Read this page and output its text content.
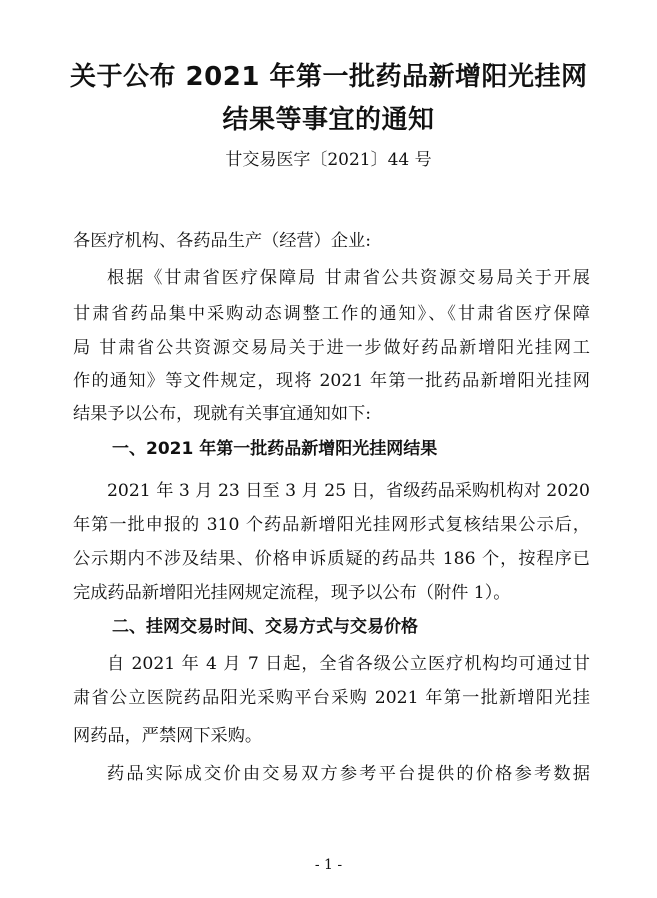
关于公布 2021 年第一批药品新增阳光挂网
结果等事宜的通知
甘交易医字〔2021〕44 号
各医疗机构、各药品生产（经营）企业:
根据《甘肃省医疗保障局 甘肃省公共资源交易局关于开展
甘肃省药品集中采购动态调整工作的通知》、《甘肃省医疗保障
局 甘肃省公共资源交易局关于进一步做好药品新增阳光挂网工
作的通知》等文件规定，现将 2021 年第一批药品新增阳光挂网
结果予以公布，现就有关事宜通知如下:
一、2021 年第一批药品新增阳光挂网结果
2021 年 3 月 23 日至 3 月 25 日，省级药品采购机构对 2020
年第一批申报的 310 个药品新增阳光挂网形式复核结果公示后，
公示期内不涉及结果、价格申诉质疑的药品共 186 个，按程序已
完成药品新增阳光挂网规定流程，现予以公布（附件 1）。
二、挂网交易时间、交易方式与交易价格
自 2021 年 4 月 7 日起，全省各级公立医疗机构均可通过甘
肃省公立医院药品阳光采购平台采购 2021 年第一批新增阳光挂
网药品，严禁网下采购。
药品实际成交价由交易双方参考平台提供的价格参考数据
- 1 -
